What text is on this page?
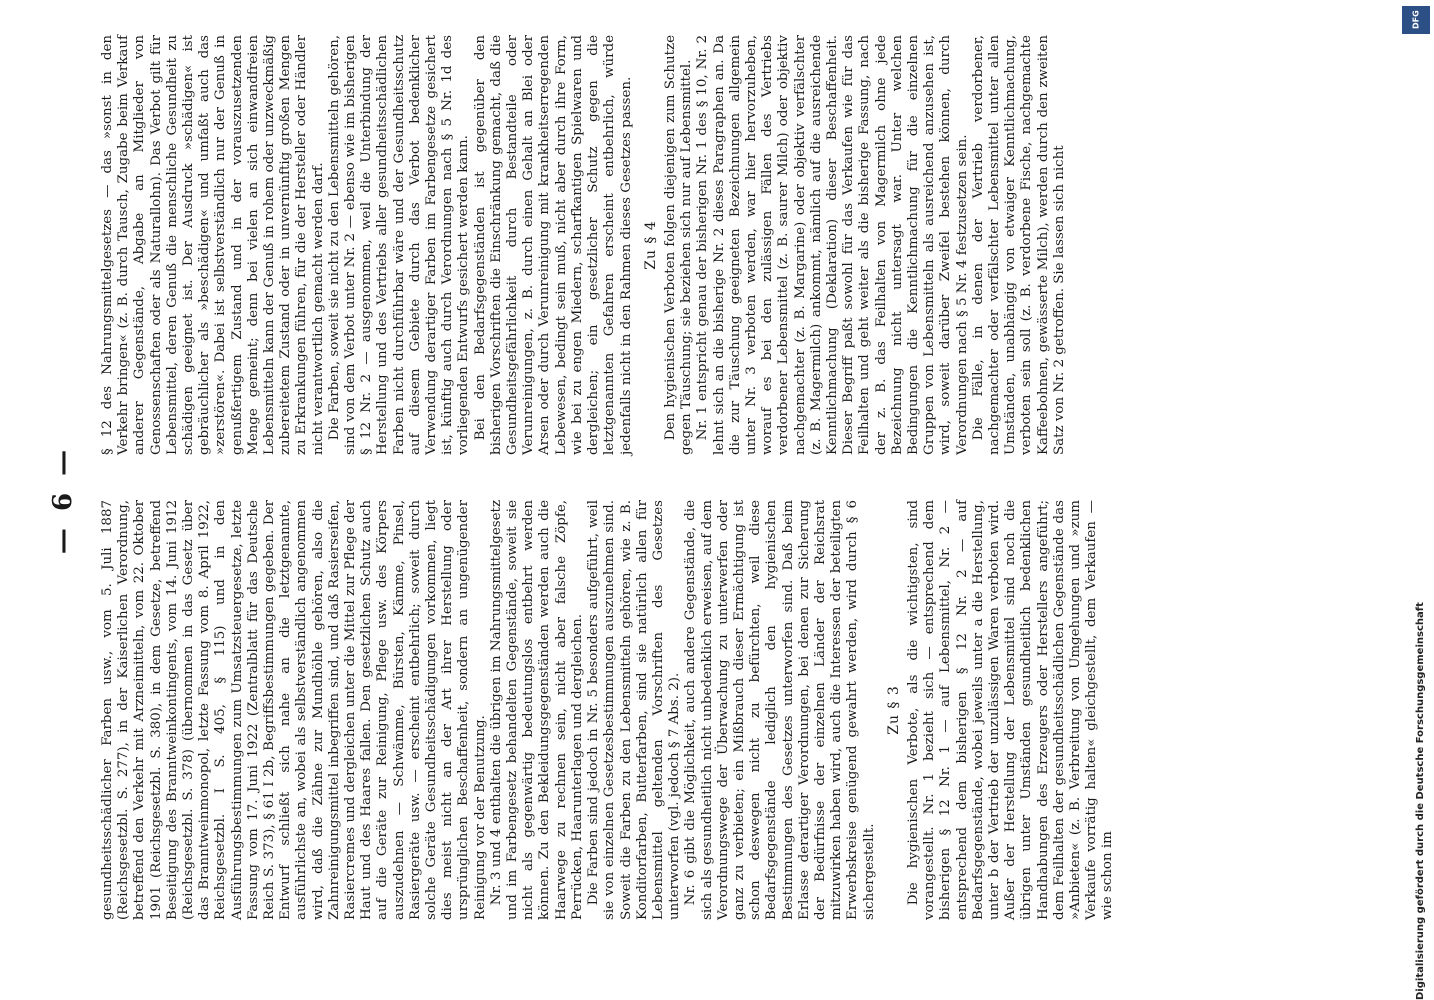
— 6 — gesundheitsschädlicher Farben usw., vom 5. Juli 1887 (Reichsgesetzbl. S. 277), in der Kaiserlichen Verordnung, betreffend den Verkehr mit Arzneimitteln, vom 22. Oktober 1901 (Reichsgesetzbl. S. 380), in dem Gesetze, betreffend Beseitigung des Branntweinkontingents, vom 14. Juni 1912 (Reichsgesetzbl. S. 378) (übernommen in das Gesetz über das Branntweinmonopol, letzte Fassung vom 8. April 1922, Reichsgesetzbl. I S. 405, § 115) und in den Ausführungsbestimmungen zum Umsatzsteuergesetze, letzte Fassung vom 17. Juni 1922 (Zentralblatt für das Deutsche Reich S. 373), § 61 I 2b, Begriffsbestimmungen gegeben. Der Entwurf schließt sich nahe an die letztgenannte, ausführlichste an, wobei als selbstverständlich angenommen wird, daß die Zähne zur Mundhöhle gehören, also die Zahnreinigungsmittel inbegriffen sind, und daß Rasierseifen, Rasiercremes und dergleichen unter die Mittel zur Pflege der Haut und des Haares fallen. Den gesetzlichen Schutz auch auf die Geräte zur Reinigung, Pflege usw. des Körpers auszudehnen — Schwämme, Bürsten, Kämme, Pinsel, Rasiergeräte usw. — erscheint entbehrlich; soweit durch solche Geräte Gesundheitsschädigungen vorkommen, liegt dies meist nicht an der Art ihrer Herstellung oder ursprünglichen Beschaffenheit, sondern an ungenügender Reinigung vor der Benutzung. Nr. 3 und 4 enthalten die übrigen im Nahrungsmittelgesetz und im Farbengesetz behandelten Gegenstände, soweit sie nicht als gegenwärtig bedeutungslos entbehrt werden können. Zu den Bekleidungsgegenständen werden auch die Haarwege zu rechnen sein, nicht aber falsche Zöpfe, Perrücken, Haarunterlagen und dergleichen. Die Farben sind jedoch in Nr. 5 besonders aufgeführt, weil sie von einzelnen Gesetzesbestimmungen auszunehmen sind. Soweit die Farben zu den Lebensmitteln gehören, wie z. B. Konditorfarben, Butterfarben, sind sie natürlich allen für Lebensmittel geltenden Vorschriften des Gesetzes unterworfen (vgl. jedoch § 7 Abs. 2). Nr. 6 gibt die Möglichkeit, auch andere Gegenstände, die sich als gesundheitlich nicht unbedenklich erweisen, auf dem Verordnungswege der Überwachung zu unterwerfen oder ganz zu verbieten; ein Mißbrauch dieser Ermächtigung ist schon deswegen nicht zu befürchten, weil diese Bedarfsgegenstände lediglich den hygienischen Bestimmungen des Gesetzes unterworfen sind. Daß beim Erlasse derartiger Verordnungen, bei denen zur Sicherung der Bedürfnisse der einzelnen Länder der Reichsrat mitzuwirken haben wird, auch die Interessen der beteiligten Erwerbskreise genügend gewahrt werden, wird durch § 6 sichergestellt.

Zu § 3 Die hygienischen Verbote, als die wichtigsten, sind vorangestellt. Nr. 1 bezieht sich — entsprechend dem bisherigen § 12 Nr. 1 — auf Lebensmittel, Nr. 2 — entsprechend dem bisherigen § 12 Nr. 2 — auf Bedarfsgegenstände, wobei jeweils unter a die Herstellung, unter b der Vertrieb der unzulässigen Waren verboten wird. Außer der Herstellung der Lebensmittel sind noch die übrigen unter Umständen gesundheitlich bedenklichen Handhabungen des Erzeugers oder Herstellers angeführt; dem Feilhalten der gesundheitsschädlichen Gegenstände das »Anbieten« (z. B. Verbreitung von Umgehungen und »zum Verkaufe vorrätig halten« gleichgestellt, dem Verkaufen — wie schon im

§ 12 des Nahrungsmittelgesetzes — das »sonst in den Verkehr bringen« (z. B. durch Tausch, Zugabe beim Verkauf anderer Gegenstände, Abgabe an Mitglieder von Genossenschaften oder als Naturallohn). Das Verbot gilt für Lebensmittel, deren Genuß die menschliche Gesundheit zu schädigen geeignet ist. Der Ausdruck »schädigen« ist gebräuchlicher als »beschädigen« und umfaßt auch das »zerstören«. Dabei ist selbstverständlich nur der Genuß in genußfertigem Zustand und in der vorauszusetzenden Menge gemeint; denn bei vielen an sich einwandfreien Lebensmitteln kann der Genuß in rohem oder unzweckmäßig zubereitetem Zustand oder in unvernünftig großen Mengen zu Erkrankungen führen, für die der Hersteller oder Händler nicht verantwortlich gemacht werden darf. Die Farben, soweit sie nicht zu den Lebensmitteln gehören, sind von dem Verbot unter Nr. 2 — ebenso wie im bisherigen § 12 Nr. 2 — ausgenommen, weil die Unterbindung der Herstellung und des Vertriebs aller gesundheitsschädlichen Farben nicht durchführbar wäre und der Gesundheitsschutz auf diesem Gebiete durch das Verbot bedenklicher Verwendung derartiger Farben im Farbengesetze gesichert ist, künftig auch durch Verordnungen nach § 5 Nr. 1d des vorliegenden Entwurfs gesichert werden kann. Bei den Bedarfsgegenständen ist gegenüber den bisherigen Vorschriften die Einschränkung gemacht, daß die Gesundheitsgefährlichkeit durch Bestandteile oder Verunreinigungen, z. B. durch einen Gehalt an Blei oder Arsen oder durch Verunreinigung mit krankheitserregenden Lebewesen, bedingt sein muß, nicht aber durch ihre Form, wie bei zu engen Miedern, scharfkantigen Spielwaren und dergleichen; ein gesetzlicher Schutz gegen die letztgenannten Gefahren erscheint entbehrlich, würde jedenfalls nicht in den Rahmen dieses Gesetzes passen. Zu § 4 Den hygienischen Verboten folgen diejenigen zum Schutze gegen Täuschung; sie beziehen sich nur auf Lebensmittel. Nr. 1 entspricht genau der bisherigen Nr. 1 des § 10, Nr. 2 lehnt sich an die bisherige Nr. 2 dieses Paragraphen an. Da die zur Täuschung geeigneten Bezeichnungen allgemein unter Nr. 3 verboten werden, war hier hervorzuheben, worauf es bei den zulässigen Fällen des Vertriebs verdorbener Lebensmittel (z. B. saurer Milch) oder objektiv nachgemachter (z. B. Margarine) oder objektiv verfälschter (z. B. Magermilch) ankommt, nämlich auf die ausreichende Kenntlichmachung (Deklaration) dieser Beschaffenheit. Dieser Begriff paßt sowohl für das Verkaufen wie für das Feilhalten und geht weiter als die bisherige Fassung, nach der z. B. das Feilhalten von Magermilch ohne jede Bezeichnung nicht untersagt war. Unter welchen Bedingungen die Kenntlichmachung für die einzelnen Gruppen von Lebensmitteln als ausreichend anzusehen ist, wird, soweit darüber Zweifel bestehen können, durch Verordnungen nach § 5 Nr. 4 festzusetzen sein. Die Fälle, in denen der Vertrieb verdorbener, nachgemachter oder verfälschter Lebensmittel unter allen Umständen, unabhängig von etwaiger Kenntlichmachung, verboten sein soll (z. B. verdorbene Fische, nachgemachte Kaffeebohnen, gewässerte Milch), werden durch den zweiten Satz von Nr. 2 getroffen. Sie lassen sich nicht

DFG
Digitalisierung gefördert durch die Deutsche Forschungsgemeinschaft
